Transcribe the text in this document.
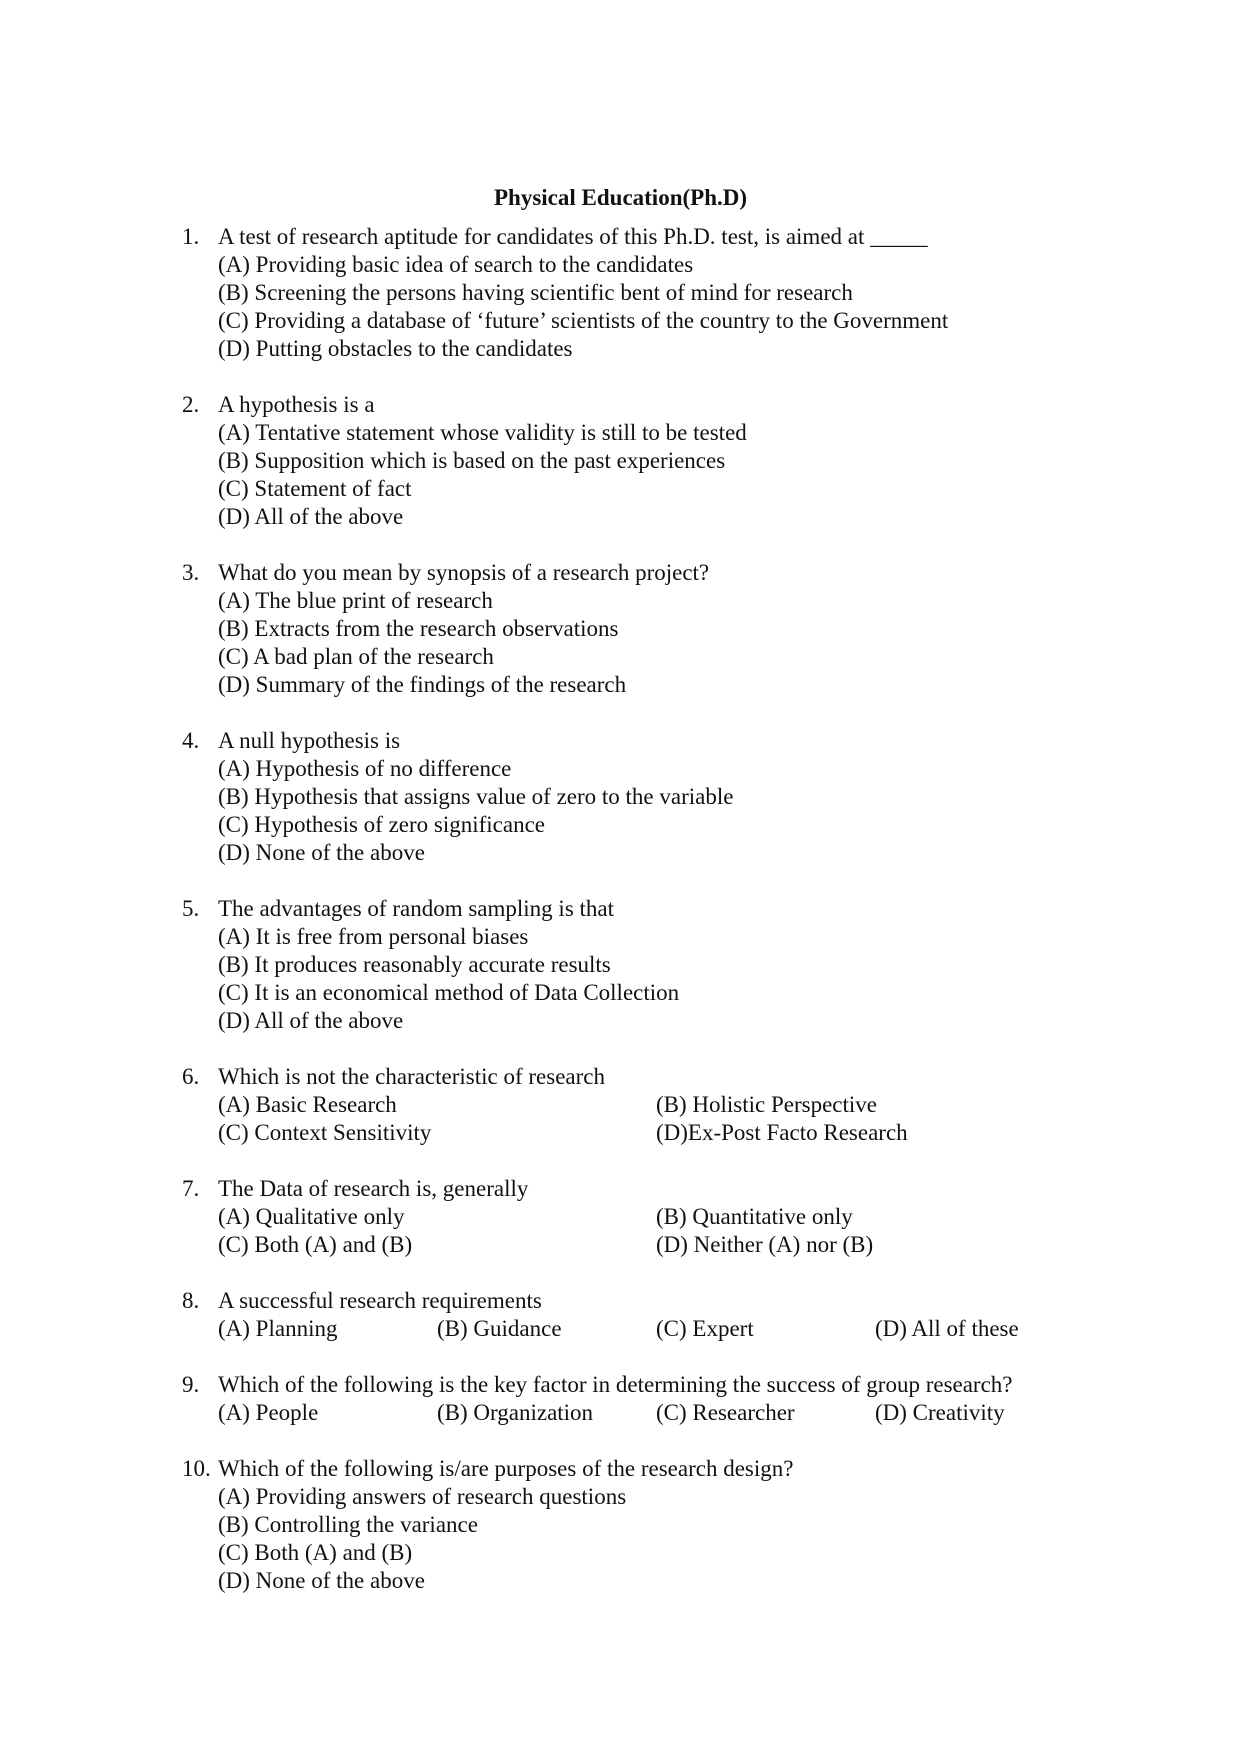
Physical Education(Ph.D)
1. A test of research aptitude for candidates of this Ph.D. test, is aimed at _____
(A) Providing basic idea of search to the candidates
(B) Screening the persons having scientific bent of mind for research
(C) Providing a database of ‘future’ scientists of the country to the Government
(D) Putting obstacles to the candidates
2. A hypothesis is a
(A) Tentative statement whose validity is still to be tested
(B) Supposition which is based on the past experiences
(C) Statement of fact
(D) All of the above
3. What do you mean by synopsis of a research project?
(A) The blue print of research
(B) Extracts from the research observations
(C) A bad plan of the research
(D) Summary of the findings of the research
4. A null hypothesis is
(A) Hypothesis of no difference
(B) Hypothesis that assigns value of zero to the variable
(C) Hypothesis of zero significance
(D) None of the above
5. The advantages of random sampling is that
(A) It is free from personal biases
(B) It produces reasonably accurate results
(C) It is an economical method of Data Collection
(D) All of the above
6. Which is not the characteristic of research
(A) Basic Research	(B) Holistic Perspective
(C) Context Sensitivity	(D)Ex-Post Facto Research
7. The Data of research is, generally
(A) Qualitative only	(B) Quantitative only
(C) Both (A) and (B)	(D) Neither (A) nor (B)
8. A successful research requirements
(A) Planning	(B) Guidance	(C) Expert	(D) All of these
9. Which of the following is the key factor in determining the success of group research?
(A) People	(B) Organization	(C) Researcher	(D) Creativity
10. Which of the following is/are purposes of the research design?
(A) Providing answers of research questions
(B) Controlling the variance
(C) Both (A) and (B)
(D) None of the above
